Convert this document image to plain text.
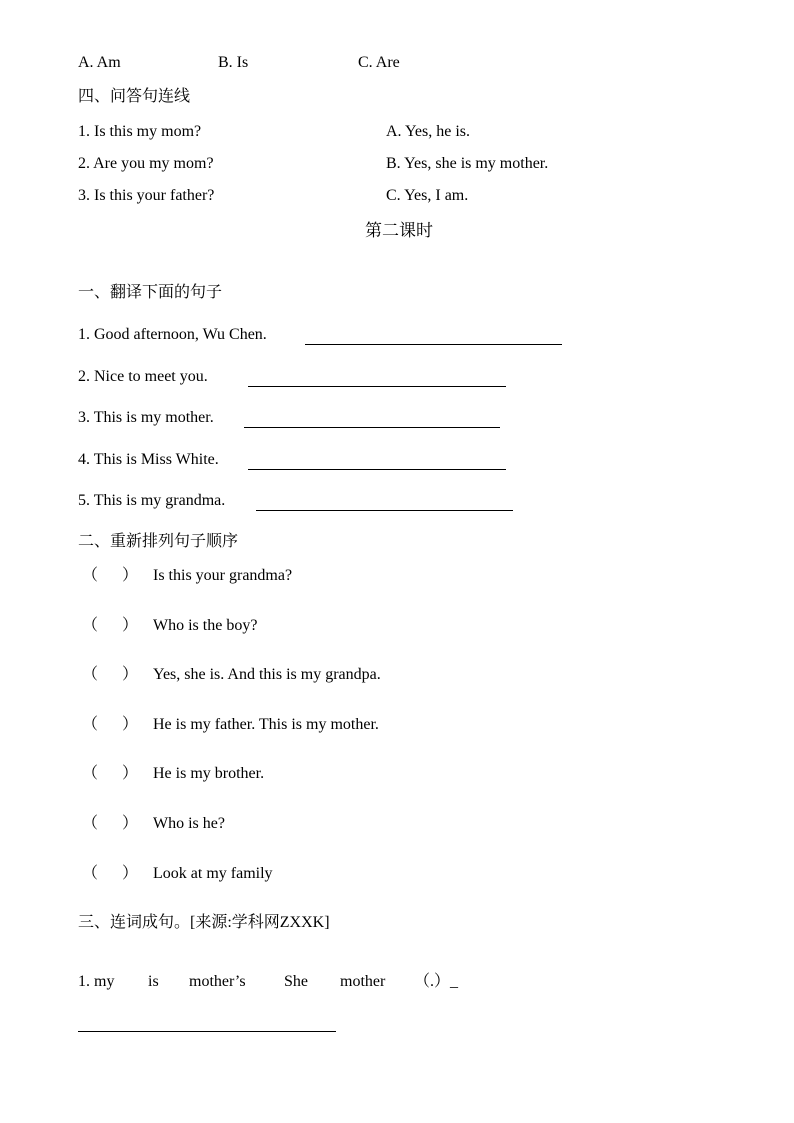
A. Am	B. Is	C. Are
四、问答句连线
1. Is this my mom?
2. Are you my mom?
3. Is this your father?
A. Yes, he is.
B. Yes, she is my mother.
C. Yes, I am.
第二课时
一、翻译下面的句子
1. Good afternoon, Wu Chen.
2. Nice to meet you.
3. This is my mother.
4. This is Miss White.
5. This is my grandma.
二、重新排列句子顺序
（ ） Is this your grandma?
（ ） Who is the boy?
（ ） Yes, she is. And this is my grandpa.
（ ） He is my father. This is my mother.
（ ） He is my brother.
（ ） Who is he?
（ ） Look at my family
三、连词成句。[来源:学科网ZXXK]
1. my is mother’s She mother （.）_
